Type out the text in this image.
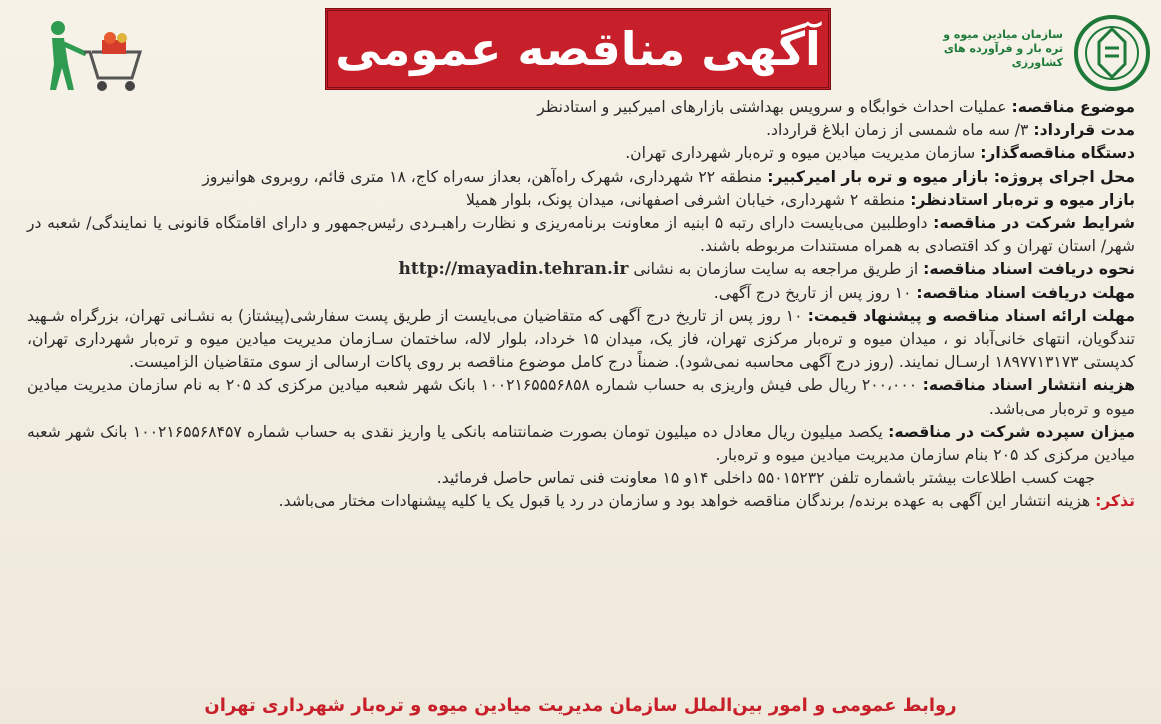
آگهی مناقصه عمومی	سازمان میادین میوه و تره بار و فرآورده های کشاورزی

موضوع مناقصه: عملیات احداث خوابگاه و سرویس بهداشتی بازارهای امیرکبیر و استادنظر

مدت قرارداد: ۳/ سه ماه شمسی از زمان ابلاغ قرارداد.

دستگاه مناقصه‌گذار: سازمان مدیریت میادین میوه و تره‌بار شهرداری تهران.

محل اجرای پروژه: بازار میوه و تره بار امیرکبیر: منطقه ۲۲ شهرداری، شهرک راه‌آهن، بعداز سه‌راه کاج، ۱۸ متری قائم، روبروی هوانیروز

بازار میوه و تره‌بار استادنظر: منطقه ۲ شهرداری، خیابان اشرفی اصفهانی، میدان پونک، بلوار همیلا

شرایط شرکت در مناقصه: داوطلبین می‌بایست دارای رتبه ۵ ابنیه از معاونت برنامه‌ریزی و نظارت راهبـردی رئیس‌جمهور و دارای اقامتگاه قانونی یا نمایندگی/ شعبه در شهر/ استان تهران و کد اقتصادی به همراه مستندات مربوطه باشند.

نحوه دریافت اسناد مناقصه: از طریق مراجعه به سایت سازمان به نشانی http://mayadin.tehran.ir

مهلت دریافت اسناد مناقصه: ۱۰ روز پس از تاریخ درج آگهی.

مهلت ارائه اسناد مناقصه و پیشنهاد قیمت: ۱۰ روز پس از تاریخ درج آگهی که متقاضیان می‌بایست از طریق پست سفارشی(پیشتاز) به نشـانی تهران، بزرگراه شـهید تندگویان، انتهای خانی‌آباد نو ، میدان میوه و تره‌بار مرکزی تهران، فاز یک، میدان ۱۵ خرداد، بلوار لاله، ساختمان سـازمان مدیریت میادین میوه و تره‌بار شهرداری تهران، کدپستی ۱۸۹۷۷۱۳۱۷۳ ارسـال نمایند. (روز درج آگهی محاسبه نمی‌شود). ضمناً درج کامل موضوع مناقصه بر روی پاکات ارسالی از سوی متقاضیان الزامیست.

هزینه انتشار اسناد مناقصه: ۲۰۰،۰۰۰ ریال طی فیش واریزی به حساب شماره ۱۰۰۲۱۶۵۵۵۶۸۵۸ بانک شهر شعبه میادین مرکزی کد ۲۰۵ به نام سازمان مدیریت میادین میوه و تره‌بار می‌باشد.

میزان سپرده شرکت در مناقصه: یکصد میلیون ریال معادل ده میلیون تومان بصورت ضمانتنامه بانکی یا واریز نقدی به حساب شماره ۱۰۰۲۱۶۵۵۶۸۴۵۷ بانک شهر شعبه میادین مرکزی کد ۲۰۵ بنام سازمان مدیریت میادین میوه و تره‌بار.

جهت کسب اطلاعات بیشتر باشماره تلفن ۵۵۰۱۵۲۳۲ داخلی ۱۴و ۱۵ معاونت فنی تماس حاصل فرمائید.

تذکر: هزینه انتشار این آگهی به عهده برنده/ برندگان مناقصه خواهد بود و سازمان در رد یا قبول یک یا کلیه پیشنهادات مختار می‌باشد.

روابط عمومی و امور بین‌الملل سازمان مدیریت میادین میوه و تره‌بار شهرداری تهران
